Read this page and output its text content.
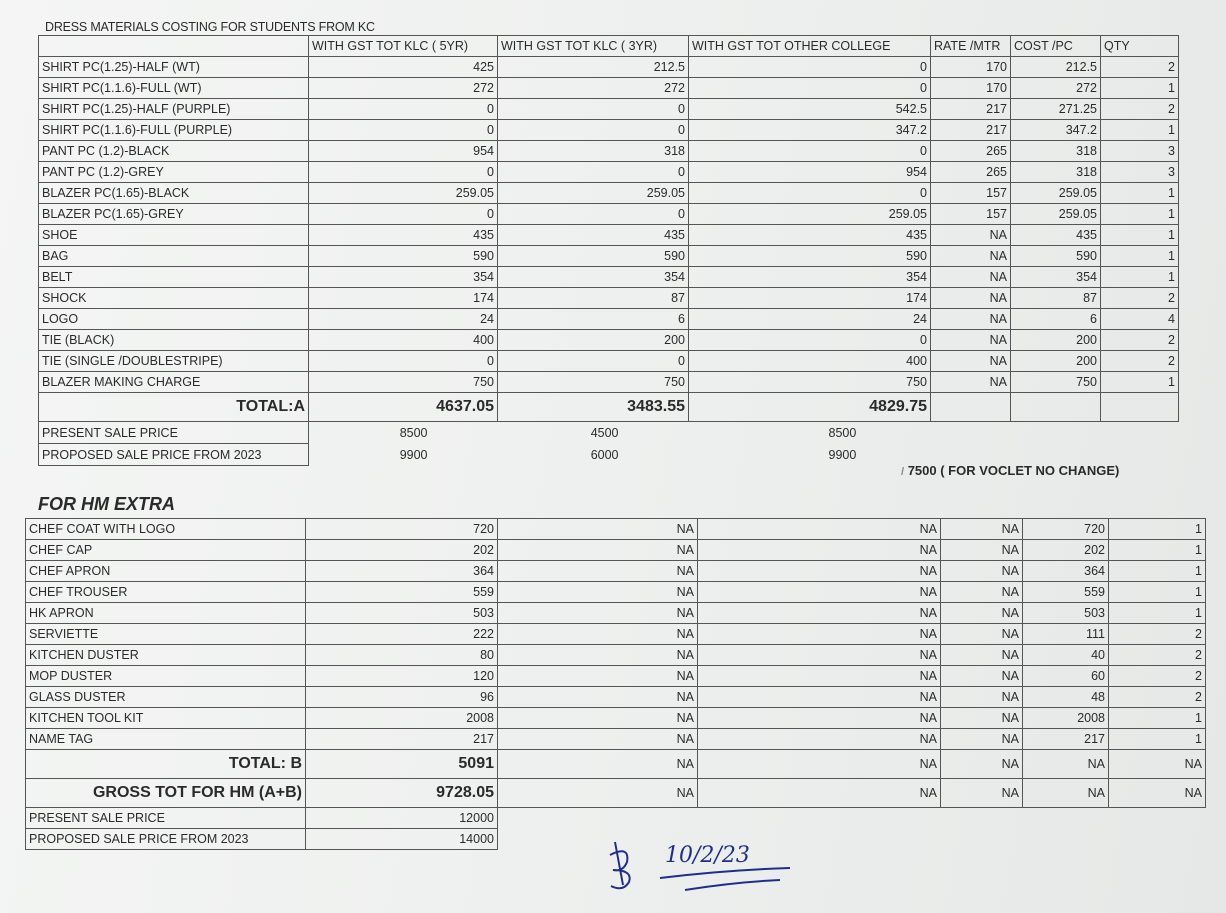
DRESS MATERIALS COSTING FOR STUDENTS FROM KC
	WITH GST TOT KLC ( 5YR)	WITH GST TOT KLC ( 3YR)	WITH GST TOT OTHER COLLEGE	RATE /MTR	COST /PC	QTY
SHIRT PC(1.25)-HALF (WT)	425	212.5	0	170	212.5	2
SHIRT PC(1.1.6)-FULL (WT)	272	272	0	170	272	1
SHIRT PC(1.25)-HALF (PURPLE)	0	0	542.5	217	271.25	2
SHIRT PC(1.1.6)-FULL (PURPLE)	0	0	347.2	217	347.2	1
PANT PC (1.2)-BLACK	954	318	0	265	318	3
PANT PC (1.2)-GREY	0	0	954	265	318	3
BLAZER PC(1.65)-BLACK	259.05	259.05	0	157	259.05	1
BLAZER PC(1.65)-GREY	0	0	259.05	157	259.05	1
SHOE	435	435	435	NA	435	1
BAG	590	590	590	NA	590	1
BELT	354	354	354	NA	354	1
SHOCK	174	87	174	NA	87	2
LOGO	24	6	24	NA	6	4
TIE (BLACK)	400	200	0	NA	200	2
TIE (SINGLE /DOUBLESTRIPE)	0	0	400	NA	200	2
BLAZER MAKING CHARGE	750	750	750	NA	750	1
TOTAL:A	4637.05	3483.55	4829.75			
PRESENT SALE PRICE	8500	4500	8500			
PROPOSED SALE PRICE FROM 2023	9900	6000	9900			
/ 7500 ( FOR VOCLET NO CHANGE)
FOR HM EXTRA
CHEF COAT WITH LOGO	720	NA	NA	NA	720	1
CHEF CAP	202	NA	NA	NA	202	1
CHEF APRON	364	NA	NA	NA	364	1
CHEF TROUSER	559	NA	NA	NA	559	1
HK APRON	503	NA	NA	NA	503	1
SERVIETTE	222	NA	NA	NA	111	2
KITCHEN DUSTER	80	NA	NA	NA	40	2
MOP DUSTER	120	NA	NA	NA	60	2
GLASS DUSTER	96	NA	NA	NA	48	2
KITCHEN TOOL KIT	2008	NA	NA	NA	2008	1
NAME TAG	217	NA	NA	NA	217	1
TOTAL: B	5091	NA	NA	NA	NA	NA
GROSS TOT FOR HM (A+B)	9728.05	NA	NA	NA	NA	NA
PRESENT SALE PRICE	12000					
PROPOSED SALE PRICE FROM 2023	14000					
10/2/23
